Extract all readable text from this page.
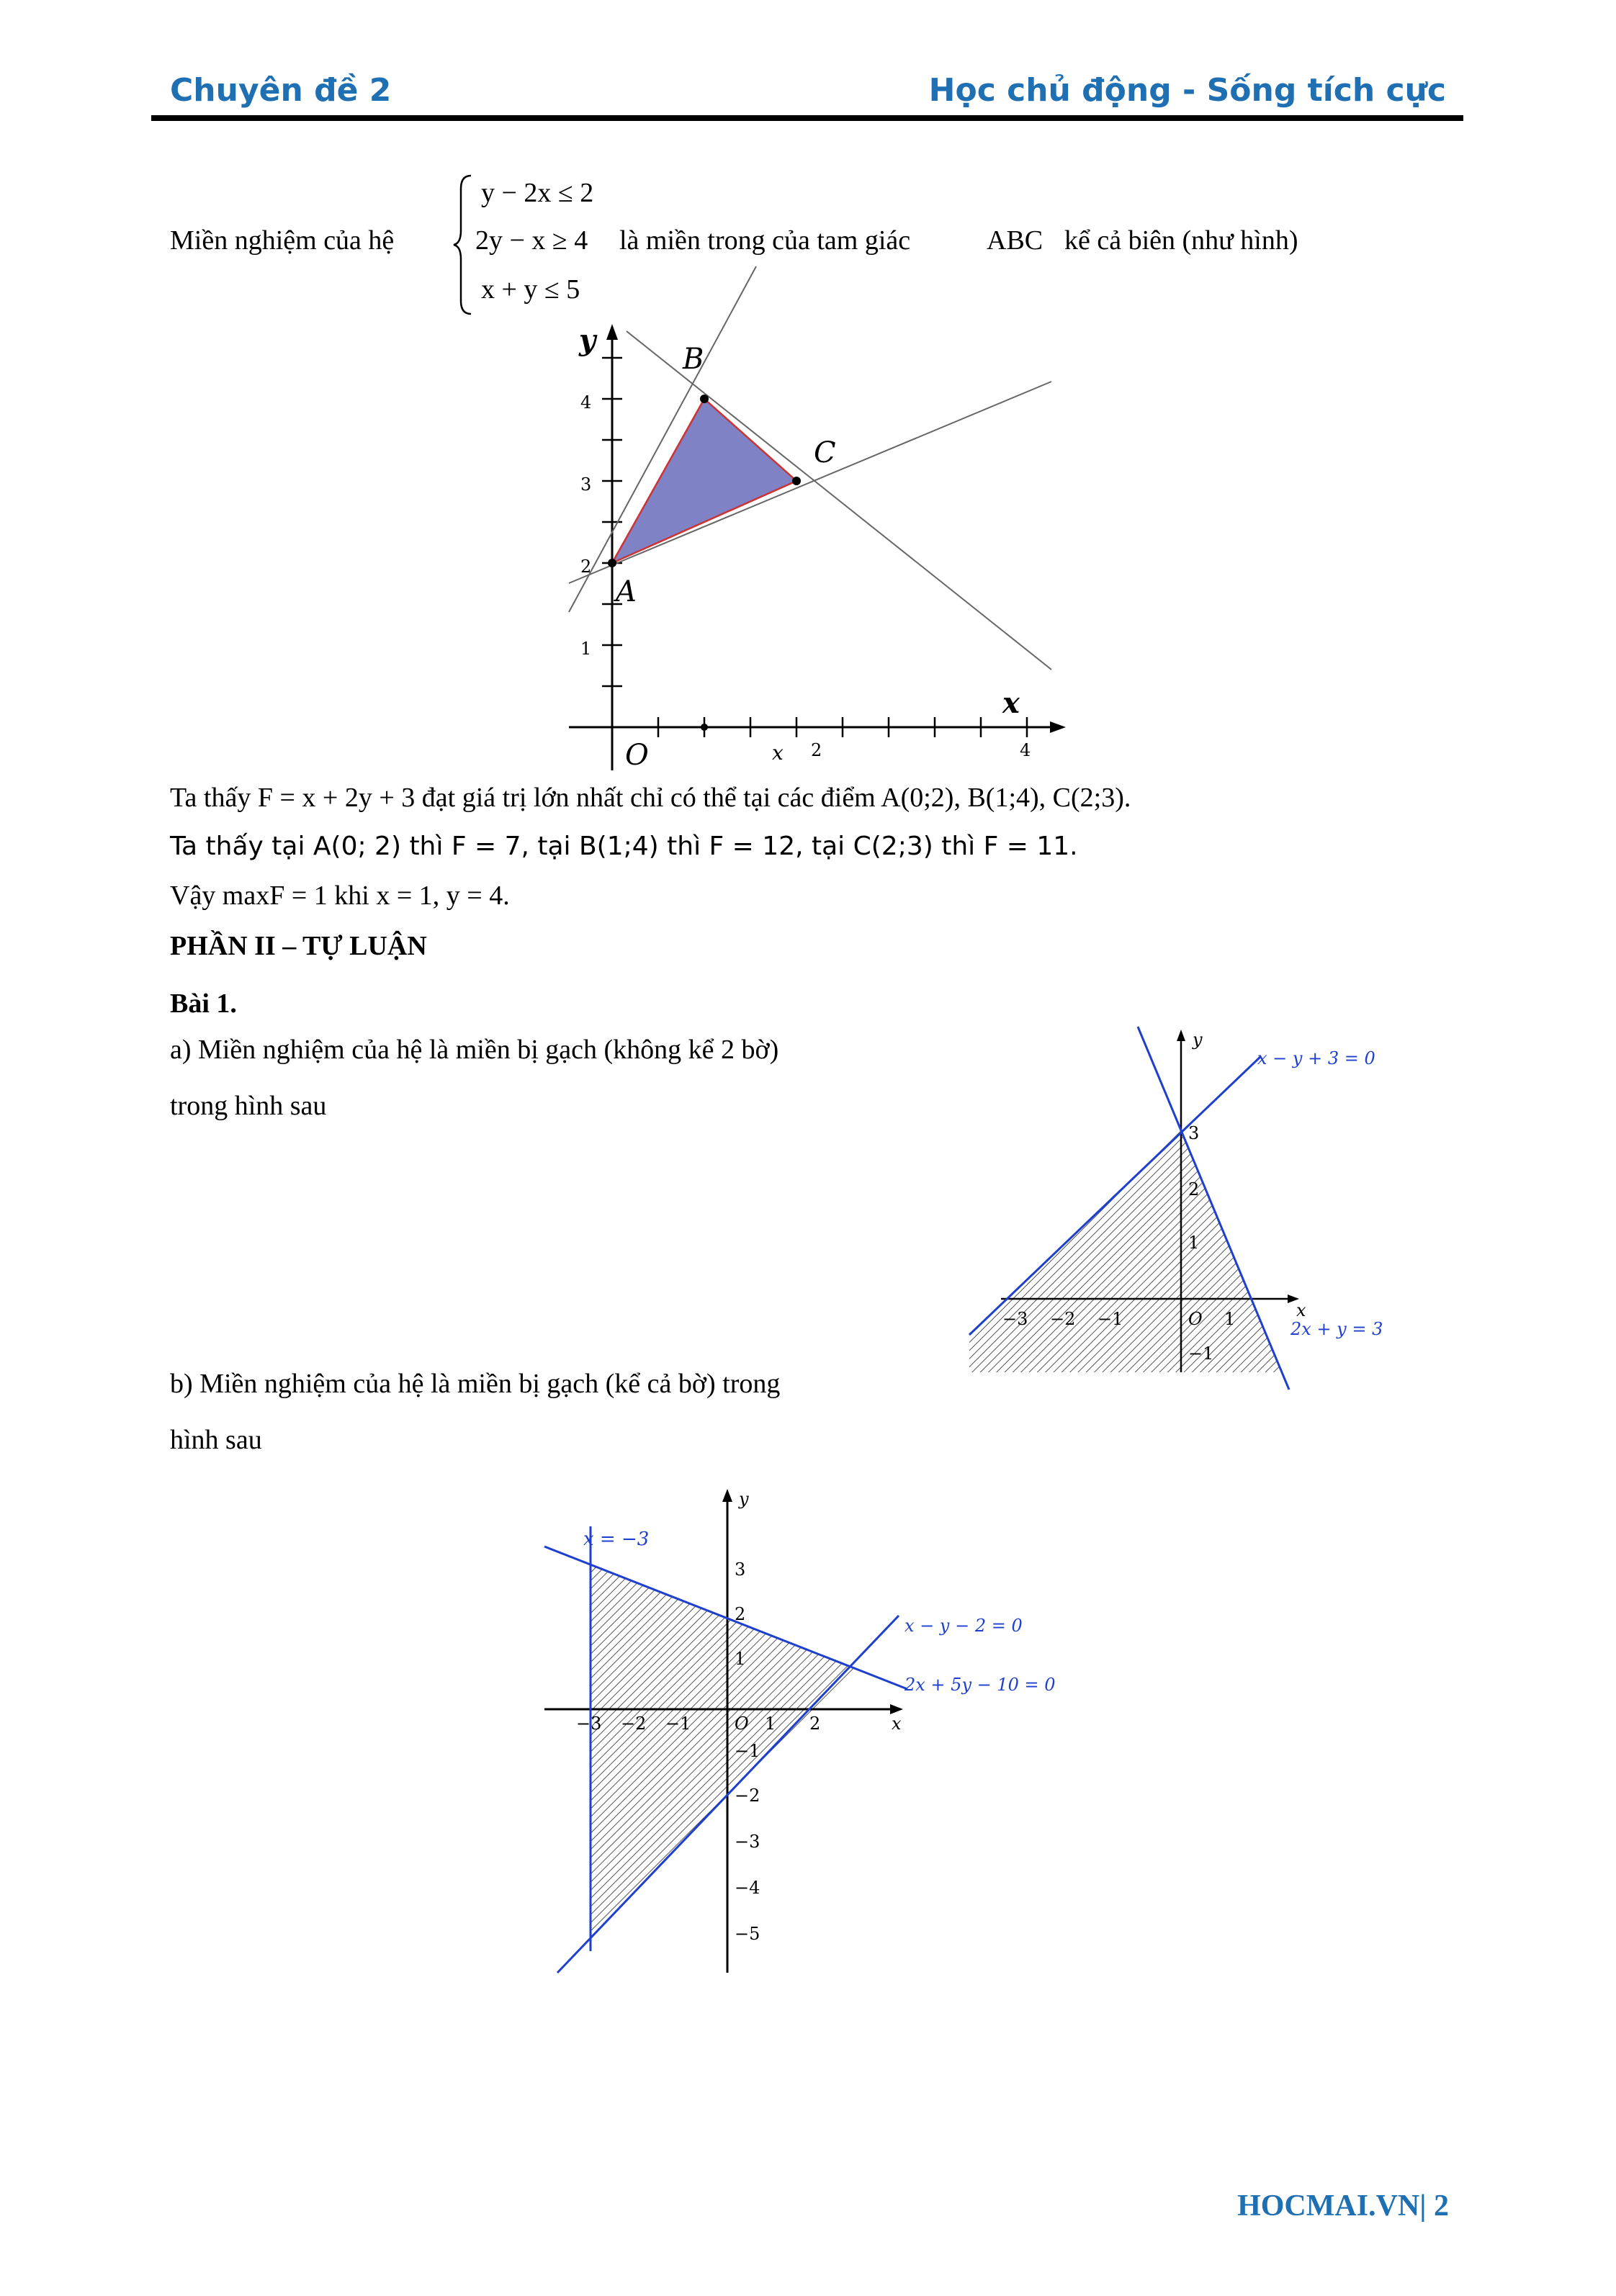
Chuyên đề 2	Học chủ động - Sống tích cực
Miền nghiệm của hệ
y − 2x ≤ 2
2y − x ≥ 4
x + y ≤ 5
là miền trong của tam giác	ABC kể cả biên (như hình)
y
x
O
A
B
C
1
2
3
4
x 2	4
Ta thấy F = x + 2y + 3 đạt giá trị lớn nhất chỉ có thể tại các điểm A(0;2), B(1;4), C(2;3).
Ta thấy tại A(0; 2) thì F = 7, tại B(1;4) thì F = 12, tại C(2;3) thì F = 11.
Vậy maxF = 1 khi x = 1, y = 4.
PHẦN II – TỰ LUẬN
Bài 1.
a) Miền nghiệm của hệ là miền bị gạch (không kể 2 bờ)
trong hình sau
−3 −2 −1	O 1
1
2
3
−1
y
x
x − y + 3 = 0
2x + y = 3
b) Miền nghiệm của hệ là miền bị gạch (kể cả bờ) trong
hình sau
y
x
x = −3
x − y − 2 = 0
2x + 5y − 10 = 0
−3 −2 −1	O 1 2
3
2
1
−1
−2
−3
−4
−5
HOCMAI.VN| 2
